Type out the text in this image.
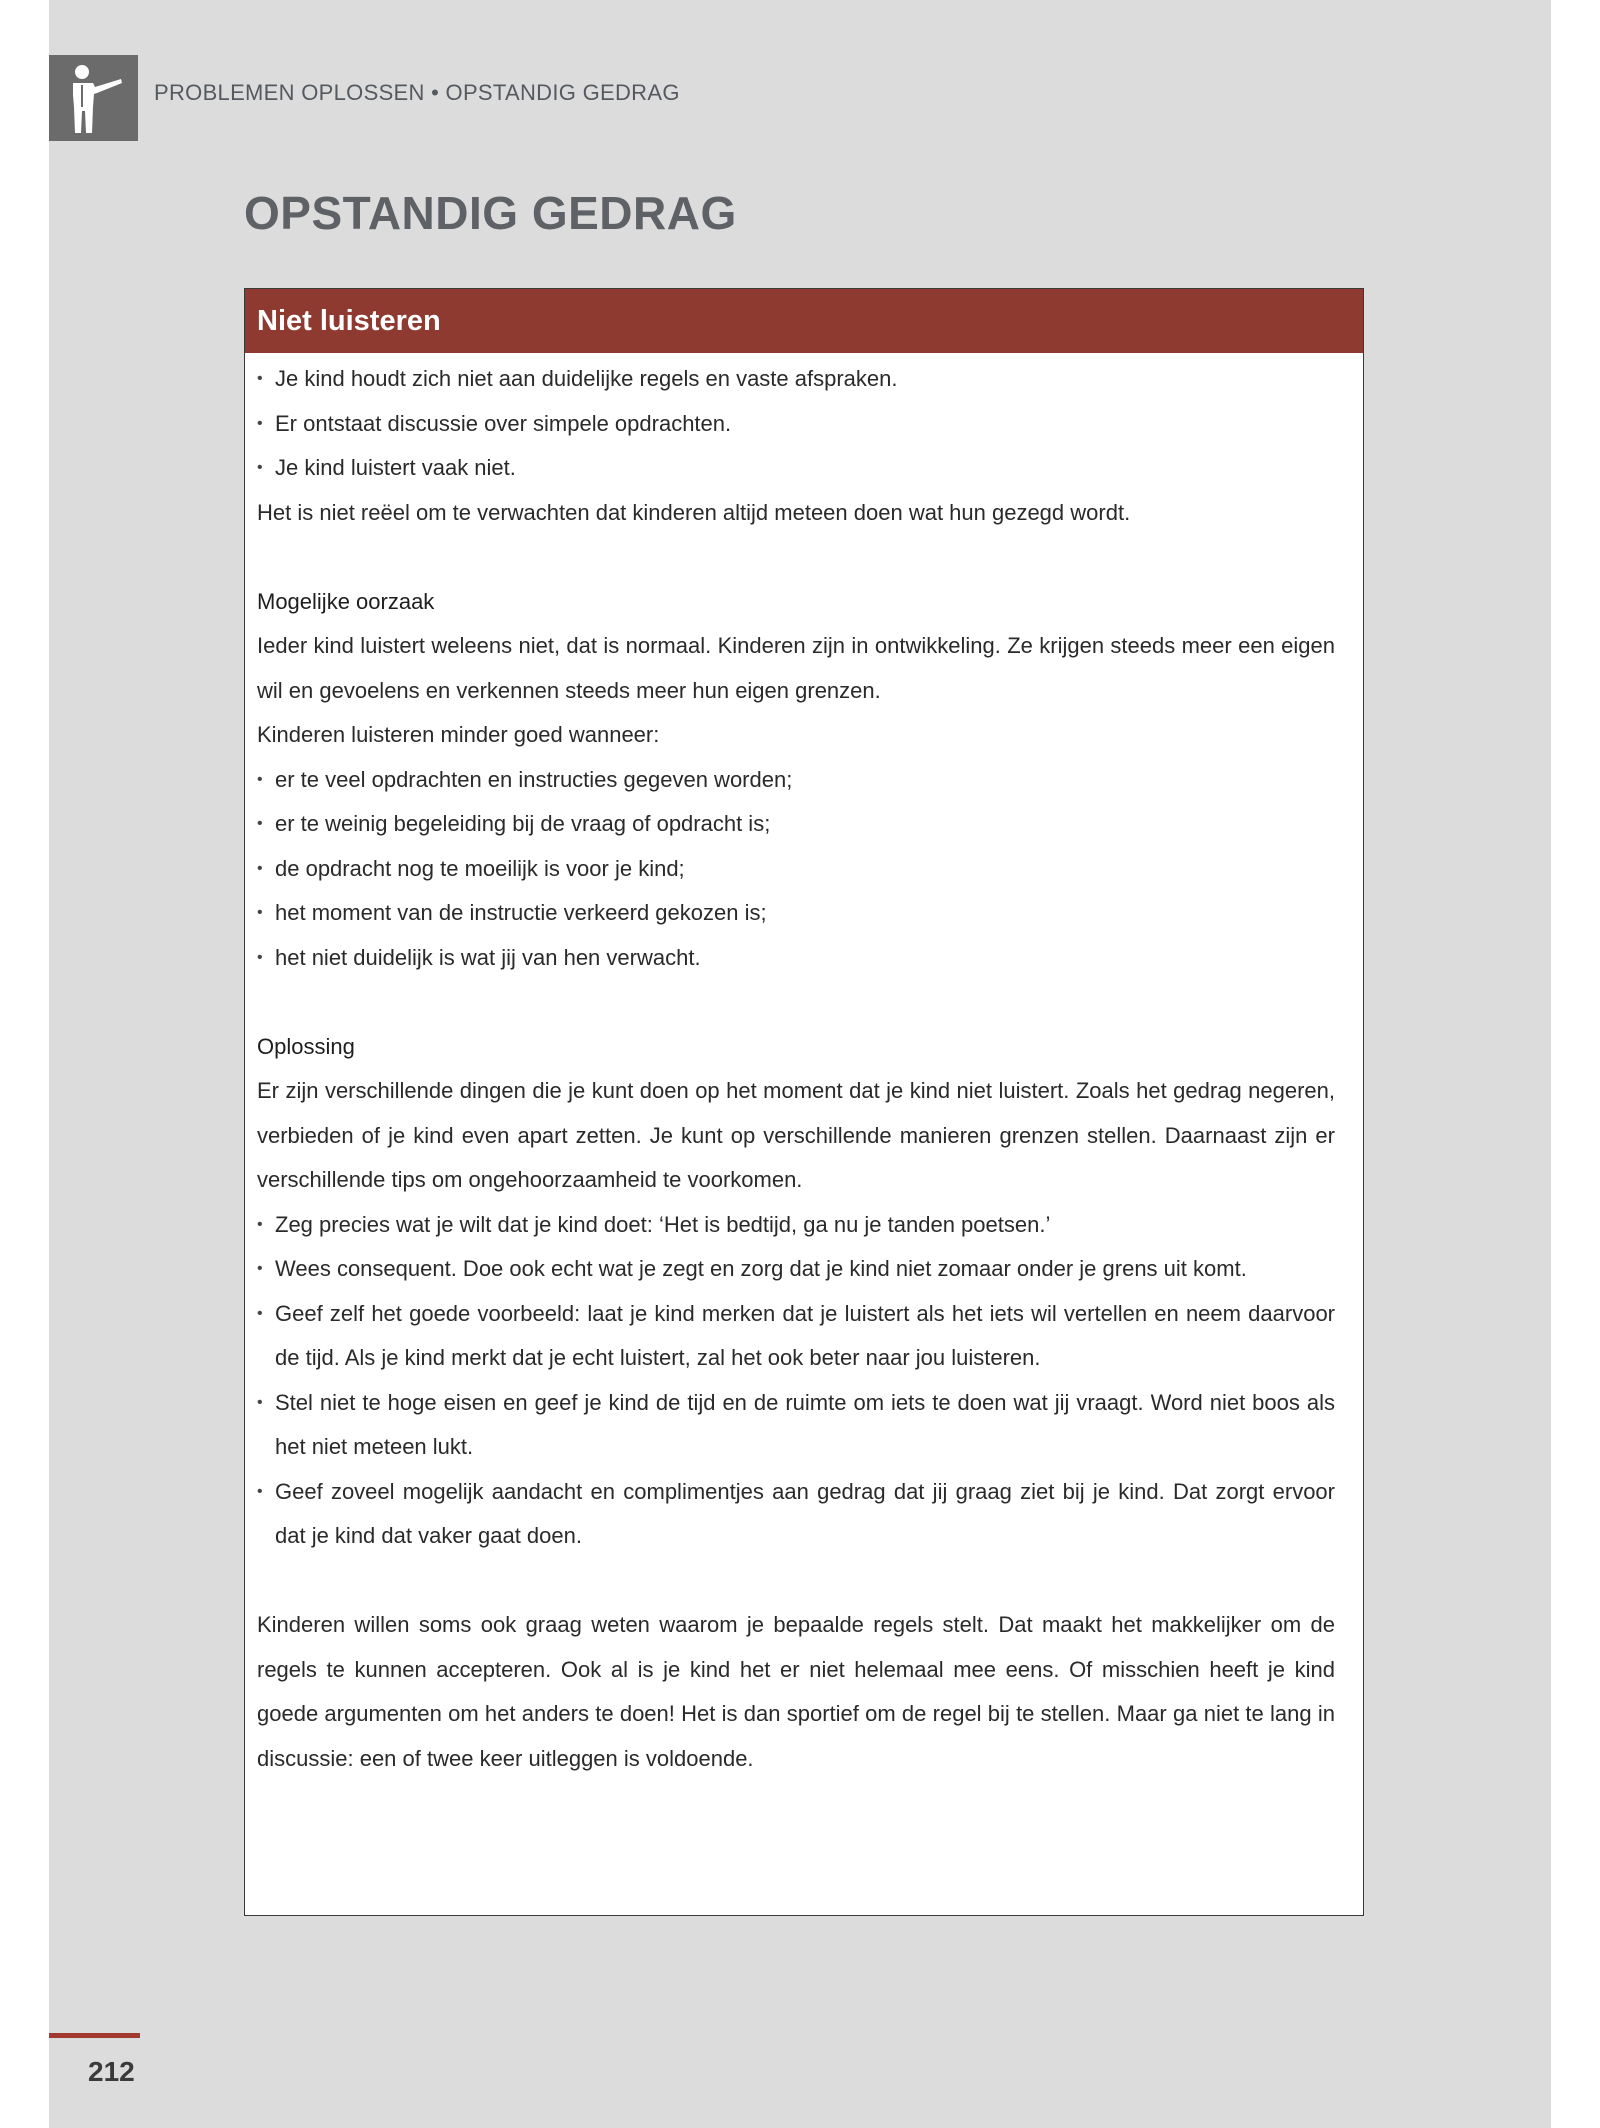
PROBLEMEN OPLOSSEN • OPSTANDIG GEDRAG
OPSTANDIG GEDRAG
Niet luisteren

• Je kind houdt zich niet aan duidelijke regels en vaste afspraken.

• Er ontstaat discussie over simpele opdrachten.

• Je kind luistert vaak niet.

Het is niet reëel om te verwachten dat kinderen altijd meteen doen wat hun gezegd wordt.

Mogelijke oorzaak

Ieder kind luistert weleens niet, dat is normaal. Kinderen zijn in ontwikkeling. Ze krijgen steeds meer een eigen wil en gevoelens en verkennen steeds meer hun eigen grenzen.

Kinderen luisteren minder goed wanneer:

• er te veel opdrachten en instructies gegeven worden;

• er te weinig begeleiding bij de vraag of opdracht is;

• de opdracht nog te moeilijk is voor je kind;

• het moment van de instructie verkeerd gekozen is;

• het niet duidelijk is wat jij van hen verwacht.

Oplossing

Er zijn verschillende dingen die je kunt doen op het moment dat je kind niet luistert. Zoals het gedrag negeren, verbieden of je kind even apart zetten. Je kunt op verschillende manieren grenzen stellen. Daarnaast zijn er verschillende tips om ongehoorzaamheid te voorkomen.

• Zeg precies wat je wilt dat je kind doet: ‘Het is bedtijd, ga nu je tanden poetsen.’

• Wees consequent. Doe ook echt wat je zegt en zorg dat je kind niet zomaar onder je grens uit komt.

• Geef zelf het goede voorbeeld: laat je kind merken dat je luistert als het iets wil vertellen en neem daarvoor de tijd. Als je kind merkt dat je echt luistert, zal het ook beter naar jou luisteren.

• Stel niet te hoge eisen en geef je kind de tijd en de ruimte om iets te doen wat jij vraagt. Word niet boos als het niet meteen lukt.

• Geef zoveel mogelijk aandacht en complimentjes aan gedrag dat jij graag ziet bij je kind. Dat zorgt ervoor dat je kind dat vaker gaat doen.

Kinderen willen soms ook graag weten waarom je bepaalde regels stelt. Dat maakt het makkelijker om de regels te kunnen accepteren. Ook al is je kind het er niet helemaal mee eens. Of misschien heeft je kind goede argumenten om het anders te doen! Het is dan sportief om de regel bij te stellen. Maar ga niet te lang in discussie: een of twee keer uitleggen is voldoende.

212
